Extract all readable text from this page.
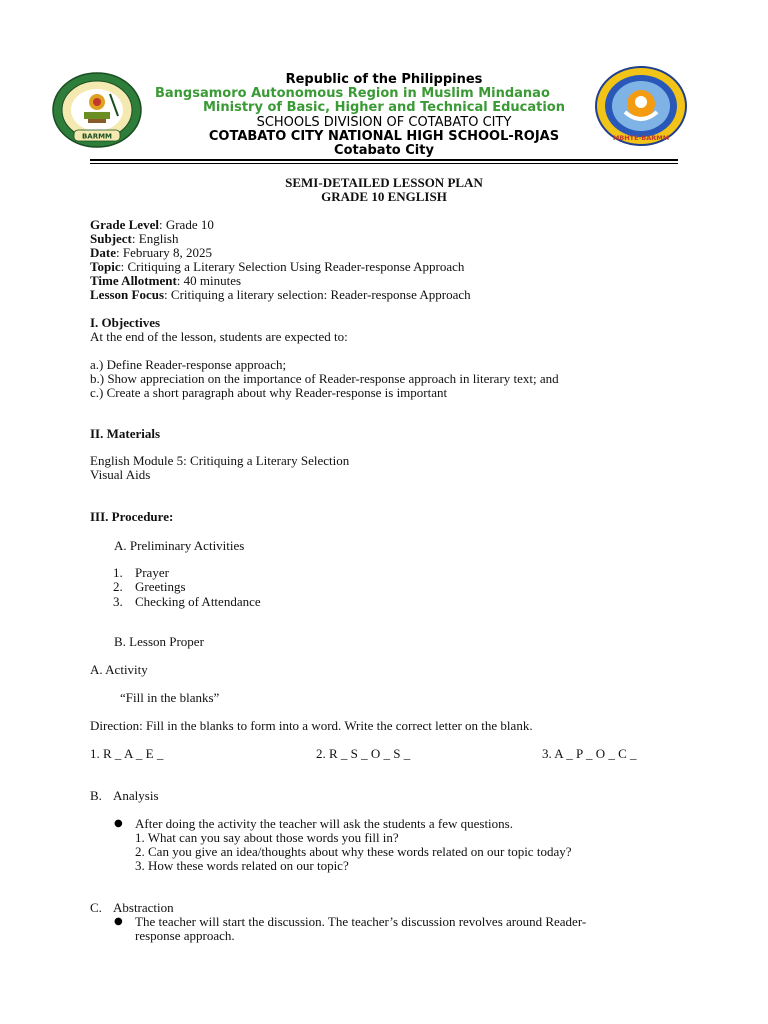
BARMM	MBHTE-BARMM
Republic of the Philippines
Bangsamoro Autonomous Region in Muslim Mindanao
Ministry of Basic, Higher and Technical Education
SCHOOLS DIVISION OF COTABATO CITY
COTABATO CITY NATIONAL HIGH SCHOOL-ROJAS
Cotabato City
SEMI-DETAILED LESSON PLAN
GRADE 10 ENGLISH
Grade Level: Grade 10
Subject: English
Date: February 8, 2025
Topic: Critiquing a Literary Selection Using Reader-response Approach
Time Allotment: 40 minutes
Lesson Focus: Critiquing a literary selection: Reader-response Approach
I. Objectives
At the end of the lesson, students are expected to:
a.) Define Reader-response approach;
b.) Show appreciation on the importance of Reader-response approach in literary text; and
c.) Create a short paragraph about why Reader-response is important
II. Materials
English Module 5: Critiquing a Literary Selection
Visual Aids
III. Procedure:
A. Preliminary Activities
1. Prayer
2. Greetings
3. Checking of Attendance
B. Lesson Proper
A. Activity
“Fill in the blanks”
Direction: Fill in the blanks to form into a word. Write the correct letter on the blank.
1. R _ A _ E _	2. R _ S _ O _ S _	3. A _ P _ O _ C _
B. Analysis
● After doing the activity the teacher will ask the students a few questions.
1. What can you say about those words you fill in?
2. Can you give an idea/thoughts about why these words related on our topic today?
3. How these words related on our topic?
C. Abstraction
● The teacher will start the discussion. The teacher’s discussion revolves around Reader-
response approach.
